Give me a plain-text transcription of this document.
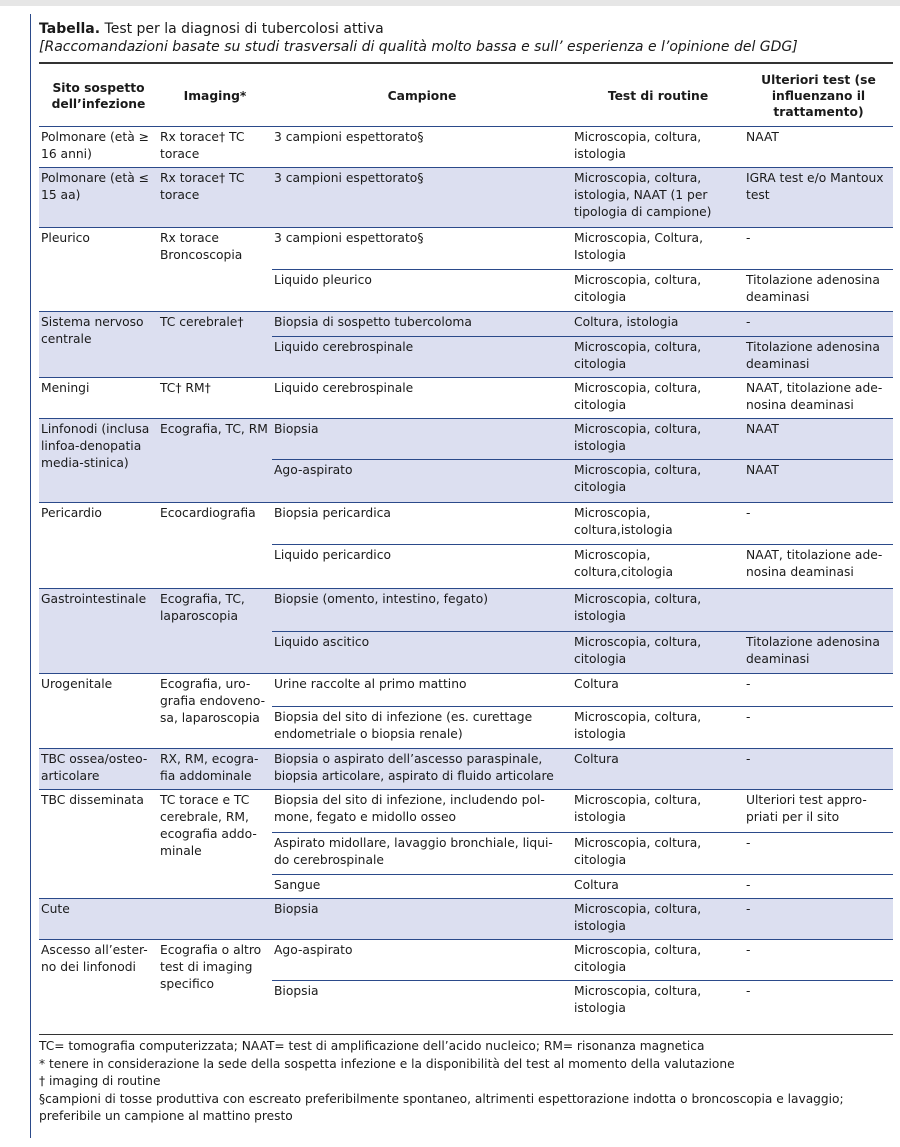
Tabella. Test per la diagnosi di tubercolosi attiva
[Raccomandazioni basate su studi trasversali di qualità molto bassa e sull’ esperienza e l’opinione del GDG]
Sito sospetto dell’infezione	Imaging*	Campione	Test di routine	Ulteriori test (se influenzano il trattamento)
Polmonare (età ≥ 16 anni)	Rx torace† TC torace	3 campioni espettorato§	Microscopia, coltura, istologia	NAAT
Polmonare (età ≤ 15 aa)	Rx torace† TC torace	3 campioni espettorato§	Microscopia, coltura, istologia, NAAT (1 per tipologia di campione)	IGRA test e/o Mantoux test
Pleurico	Rx torace Broncoscopia	3 campioni espettorato§	Microscopia, Coltura, Istologia	-
		Liquido pleurico	Microscopia, coltura, citologia	Titolazione adenosina deaminasi
Sistema nervoso centrale	TC cerebrale†	Biopsia di sospetto tubercoloma	Coltura, istologia	-
		Liquido cerebrospinale	Microscopia, coltura, citologia	Titolazione adenosina deaminasi
Meningi	TC† RM†	Liquido cerebrospinale	Microscopia, coltura, citologia	NAAT, titolazione ade-nosina deaminasi
Linfonodi (inclusa linfoa-denopatia media-stinica)	Ecografia, TC, RM	Biopsia	Microscopia, coltura, istologia	NAAT
		Ago-aspirato	Microscopia, coltura, citologia	NAAT
Pericardio	Ecocardiografia	Biopsia pericardica	Microscopia, coltura,istologia	-
		Liquido pericardico	Microscopia, coltura,citologia	NAAT, titolazione ade-nosina deaminasi
Gastrointestinale	Ecografia, TC, laparoscopia	Biopsie (omento, intestino, fegato)	Microscopia, coltura, istologia	
		Liquido ascitico	Microscopia, coltura, citologia	Titolazione adenosina deaminasi
Urogenitale	Ecografia, uro-grafia endoveno-sa, laparoscopia	Urine raccolte al primo mattino	Coltura	-
		Biopsia del sito di infezione (es. curettage endometriale o biopsia renale)	Microscopia, coltura, istologia	-
TBC ossea/osteo-articolare	RX, RM, ecogra-fia addominale	Biopsia o aspirato dell’ascesso paraspinale, biopsia articolare, aspirato di fluido articolare	Coltura	-
TBC disseminata	TC torace e TC cerebrale, RM, ecografia addo-minale	Biopsia del sito di infezione, includendo pol-mone, fegato e midollo osseo	Microscopia, coltura, istologia	Ulteriori test appro-priati per il sito
		Aspirato midollare, lavaggio bronchiale, liqui-do cerebrospinale	Microscopia, coltura, citologia	-
		Sangue	Coltura	-
Cute		Biopsia	Microscopia, coltura, istologia	-
Ascesso all’ester-no dei linfonodi	Ecografia o altro test di imaging specifico	Ago-aspirato	Microscopia, coltura, citologia	-
		Biopsia	Microscopia, coltura, istologia	-
TC= tomografia computerizzata; NAAT= test di amplificazione dell’acido nucleico; RM= risonanza magnetica
* tenere in considerazione la sede della sospetta infezione e la disponibilità del test al momento della valutazione
† imaging di routine
§campioni di tosse produttiva con escreato preferibilmente spontaneo, altrimenti espettorazione indotta o broncoscopia e lavaggio; preferibile un campione al mattino presto
